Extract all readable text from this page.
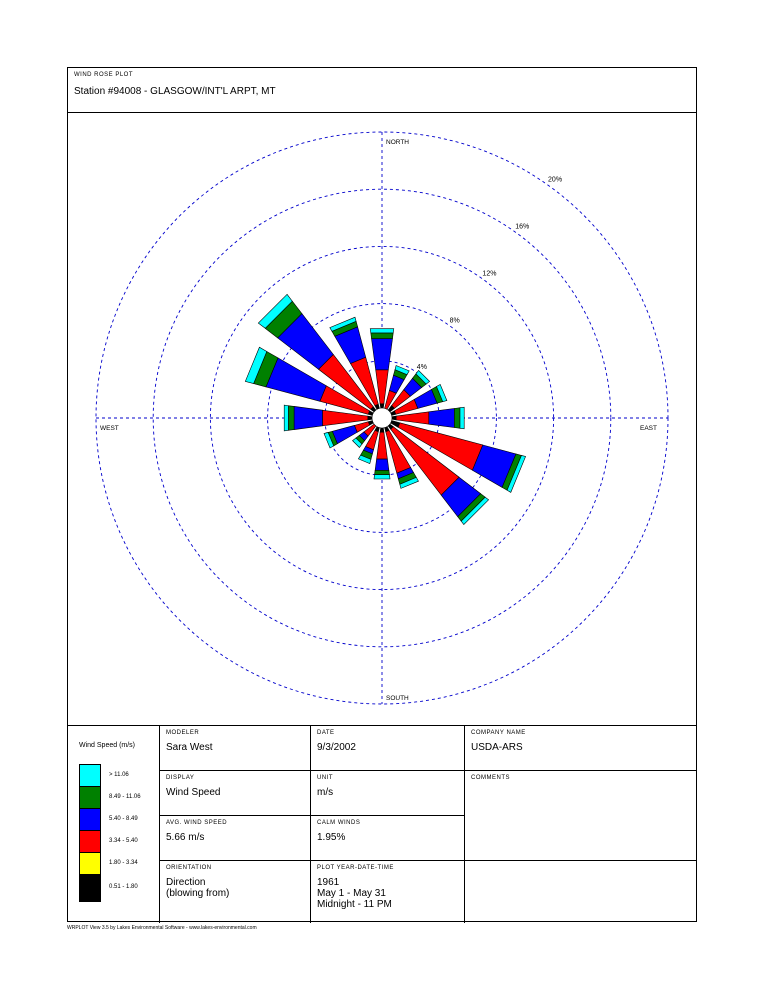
WIND ROSE PLOT
Station #94008 - GLASGOW/INT'L ARPT, MT
4%
8%
12%
16%
20%
NORTH
SOUTH
EAST
WEST
Wind Speed (m/s)
> 11.06
8.49 - 11.06
5.40 - 8.49
3.34 - 5.40
1.80 - 3.34
0.51 - 1.80
MODELER
Sara West
DATE
9/3/2002
COMPANY NAME
USDA-ARS
DISPLAY
Wind Speed
UNIT
m/s
COMMENTS
AVG. WIND SPEED
5.66 m/s
CALM WINDS
1.95%
ORIENTATION
Direction
(blowing from)
PLOT YEAR-DATE-TIME
1961
May 1 - May 31
Midnight - 11 PM
WRPLOT View 3.5 by Lakes Environmental Software - www.lakes-environmental.com
